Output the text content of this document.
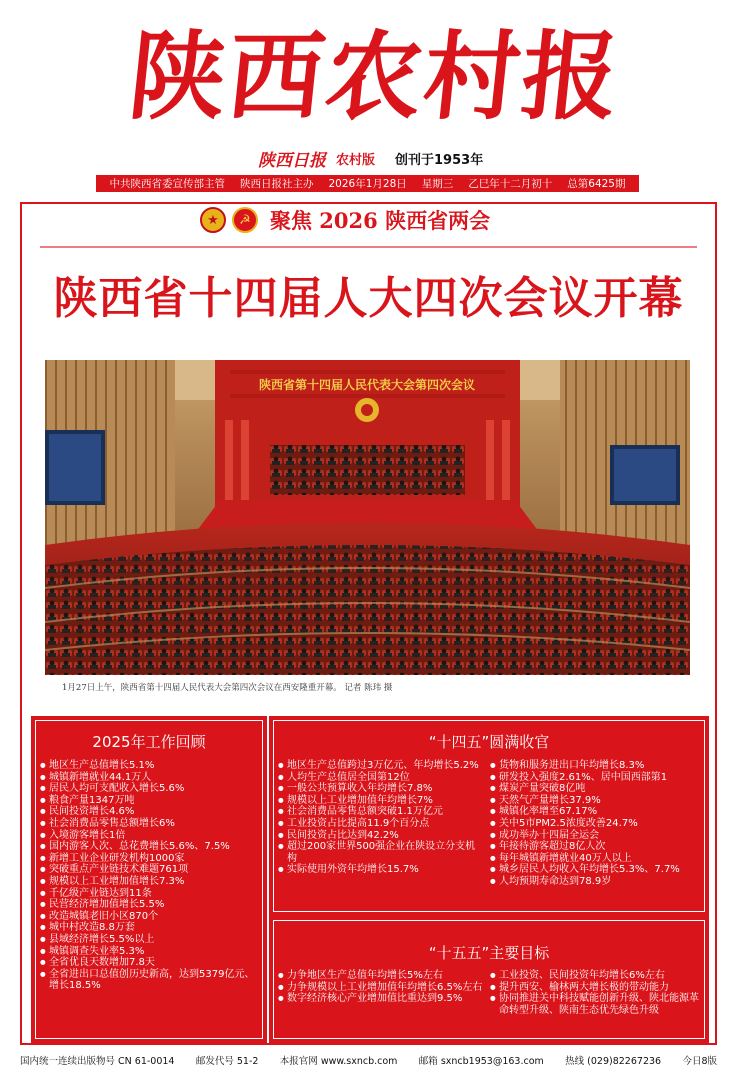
陕西农村报
陕西日报 农村版 创刊于1953年
中共陕西省委宣传部主管 陕西日报社主办 2026年1月28日 星期三 乙巳年十二月初十 总第6425期
★	☭ 聚焦 2026 陕西省两会
陕西省十四届人大四次会议开幕
陕西省第十四届人民代表大会第四次会议
1月27日上午，陕西省第十四届人民代表大会第四次会议在西安隆重开幕。 记者 陈玮 摄
2025年工作回顾
● 地区生产总值增长5.1%
● 城镇新增就业44.1万人
● 居民人均可支配收入增长5.6%
● 粮食产量1347万吨
● 民间投资增长4.6%
● 社会消费品零售总额增长6%
● 入境游客增长1倍
● 国内游客人次、总花费增长5.6%、7.5%
● 新增工业企业研发机构1000家
● 突破重点产业链技术难题761项
● 规模以上工业增加值增长7.3%
● 千亿级产业链达到11条
● 民营经济增加值增长5.5%
● 改造城镇老旧小区870个
● 城中村改造8.8万套
● 县域经济增长5.5%以上
● 城镇调查失业率5.3%
● 全省优良天数增加7.8天
● 全省进出口总值创历史新高，达到5379亿元、增长18.5%
“十四五”圆满收官
● 地区生产总值跨过3万亿元、年均增长5.2%
● 人均生产总值居全国第12位
● 一般公共预算收入年均增长7.8%
● 规模以上工业增加值年均增长7%
● 社会消费品零售总额突破1.1万亿元
● 工业投资占比提高11.9个百分点
● 民间投资占比达到42.2%
● 超过200家世界500强企业在陕设立分支机构
● 实际使用外资年均增长15.7%
● 货物和服务进出口年均增长8.3%
● 研发投入强度2.61%、居中国西部第1
● 煤炭产量突破8亿吨
● 天然气产量增长37.9%
● 城镇化率增至67.17%
● 关中5市PM2.5浓度改善24.7%
● 成功举办十四届全运会
● 年接待游客超过8亿人次
● 每年城镇新增就业40万人以上
● 城乡居民人均收入年均增长5.3%、7.7%
● 人均预期寿命达到78.9岁
“十五五”主要目标
● 力争地区生产总值年均增长5%左右
● 力争规模以上工业增加值年均增长6.5%左右
● 数字经济核心产业增加值比重达到9.5%
● 工业投资、民间投资年均增长6%左右
● 提升西安、榆林两大增长极的带动能力
● 协同推进关中科技赋能创新升级、陕北能源革命转型升级、陕南生态优先绿色升级
国内统一连续出版物号 CN 61-0014 邮发代号 51-2 本报官网 www.sxncb.com 邮箱 sxncb1953@163.com 热线 (029)82267236 今日8版
